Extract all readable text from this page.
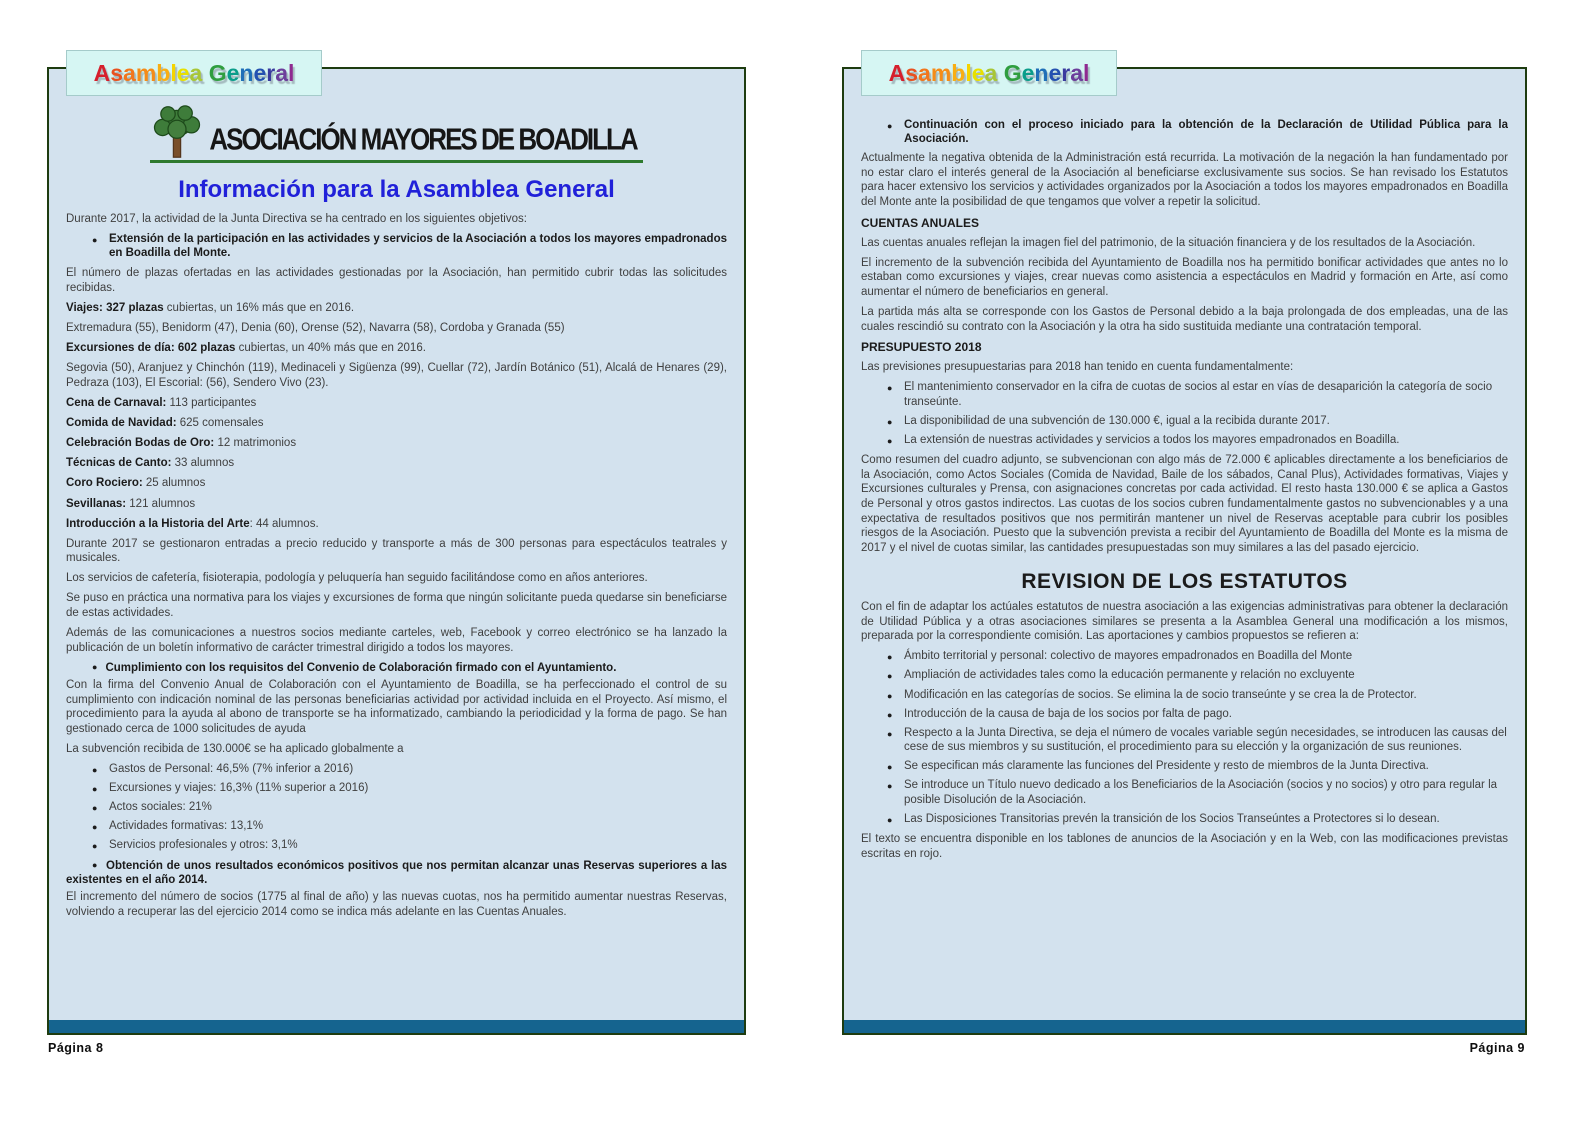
Asamblea General
ASOCIACIÓN MAYORES DE BOADILLA
Información para la Asamblea General
Durante 2017, la actividad de la Junta Directiva se ha centrado en los siguientes objetivos:
● Extensión de la participación en las actividades y servicios de la Asociación a todos los mayores empadronados en Boadilla del Monte.
El número de plazas ofertadas en las actividades gestionadas por la Asociación, han permitido cubrir todas las solicitudes recibidas.
Viajes: 327 plazas cubiertas, un 16% más que en 2016.
Extremadura (55), Benidorm (47), Denia (60), Orense (52), Navarra (58), Cordoba y Granada (55)
Excursiones de día: 602 plazas cubiertas, un 40% más que en 2016.
Segovia (50), Aranjuez y Chinchón (119), Medinaceli y Sigüenza (99), Cuellar (72), Jardín Botánico (51), Alcalá de Henares (29), Pedraza (103), El Escorial: (56), Sendero Vivo (23).
Cena de Carnaval: 113 participantes
Comida de Navidad: 625 comensales
Celebración Bodas de Oro: 12 matrimonios
Técnicas de Canto: 33 alumnos
Coro Rociero: 25 alumnos
Sevillanas: 121 alumnos
Introducción a la Historia del Arte: 44 alumnos.
Durante 2017 se gestionaron entradas a precio reducido y transporte a más de 300 personas para espectáculos teatrales y musicales.
Los servicios de cafetería, fisioterapia, podología y peluquería han seguido facilitándose como en años anteriores.
Se puso en práctica una normativa para los viajes y excursiones de forma que ningún solicitante pueda quedarse sin beneficiarse de estas actividades.
Además de las comunicaciones a nuestros socios mediante carteles, web, Facebook y correo electrónico se ha lanzado la publicación de un boletín informativo de carácter trimestral dirigido a todos los mayores.
● Cumplimiento con los requisitos del Convenio de Colaboración firmado con el Ayuntamiento.
Con la firma del Convenio Anual de Colaboración con el Ayuntamiento de Boadilla, se ha perfeccionado el control de su cumplimiento con indicación nominal de las personas beneficiarias actividad por actividad incluida en el Proyecto. Así mismo, el procedimiento para la ayuda al abono de transporte se ha informatizado, cambiando la periodicidad y la forma de pago. Se han gestionado cerca de 1000 solicitudes de ayuda
La subvención recibida de 130.000€ se ha aplicado globalmente a
● Gastos de Personal: 46,5% (7% inferior a 2016)
● Excursiones y viajes: 16,3% (11% superior a 2016)
● Actos sociales: 21%
● Actividades formativas: 13,1%
● Servicios profesionales y otros: 3,1%
● Obtención de unos resultados económicos positivos que nos permitan alcanzar unas Reservas superiores a las existentes en el año 2014.
El incremento del número de socios (1775 al final de año) y las nuevas cuotas, nos ha permitido aumentar nuestras Reservas, volviendo a recuperar las del ejercicio 2014 como se indica más adelante en las Cuentas Anuales.
Asamblea General
● Continuación con el proceso iniciado para la obtención de la Declaración de Utilidad Pública para la Asociación.
Actualmente la negativa obtenida de la Administración está recurrida. La motivación de la negación la han fundamentado por no estar claro el interés general de la Asociación al beneficiarse exclusivamente sus socios. Se han revisado los Estatutos para hacer extensivo los servicios y actividades organizados por la Asociación a todos los mayores empadronados en Boadilla del Monte ante la posibilidad de que tengamos que volver a repetir la solicitud.
CUENTAS ANUALES
Las cuentas anuales reflejan la imagen fiel del patrimonio, de la situación financiera y de los resultados de la Asociación.
El incremento de la subvención recibida del Ayuntamiento de Boadilla nos ha permitido bonificar actividades que antes no lo estaban como excursiones y viajes, crear nuevas como asistencia a espectáculos en Madrid y formación en Arte, así como aumentar el número de beneficiarios en general.
La partida más alta se corresponde con los Gastos de Personal debido a la baja prolongada de dos empleadas, una de las cuales rescindió su contrato con la Asociación y la otra ha sido sustituida mediante una contratación temporal.
PRESUPUESTO 2018
Las previsiones presupuestarias para 2018 han tenido en cuenta fundamentalmente:
● El mantenimiento conservador en la cifra de cuotas de socios al estar en vías de desaparición la categoría de socio transeúnte.
● La disponibilidad de una subvención de 130.000 €, igual a la recibida durante 2017.
● La extensión de nuestras actividades y servicios a todos los mayores empadronados en Boadilla.
Como resumen del cuadro adjunto, se subvencionan con algo más de 72.000 € aplicables directamente a los beneficiarios de la Asociación, como Actos Sociales (Comida de Navidad, Baile de los sábados, Canal Plus), Actividades formativas, Viajes y Excursiones culturales y Prensa, con asignaciones concretas por cada actividad. El resto hasta 130.000 € se aplica a Gastos de Personal y otros gastos indirectos. Las cuotas de los socios cubren fundamentalmente gastos no subvencionables y a una expectativa de resultados positivos que nos permitirán mantener un nivel de Reservas aceptable para cubrir los posibles riesgos de la Asociación. Puesto que la subvención prevista a recibir del Ayuntamiento de Boadilla del Monte es la misma de 2017 y el nivel de cuotas similar, las cantidades presupuestadas son muy similares a las del pasado ejercicio.
REVISION DE LOS ESTATUTOS
Con el fin de adaptar los actúales estatutos de nuestra asociación a las exigencias administrativas para obtener la declaración de Utilidad Pública y a otras asociaciones similares se presenta a la Asamblea General una modificación a los mismos, preparada por la correspondiente comisión. Las aportaciones y cambios propuestos se refieren a:
● Ámbito territorial y personal: colectivo de mayores empadronados en Boadilla del Monte
● Ampliación de actividades tales como la educación permanente y relación no excluyente
● Modificación en las categorías de socios. Se elimina la de socio transeúnte y se crea la de Protector.
● Introducción de la causa de baja de los socios por falta de pago.
● Respecto a la Junta Directiva, se deja el número de vocales variable según necesidades, se introducen las causas del cese de sus miembros y su sustitución, el procedimiento para su elección y la organización de sus reuniones.
● Se especifican más claramente las funciones del Presidente y resto de miembros de la Junta Directiva.
● Se introduce un Título nuevo dedicado a los Beneficiarios de la Asociación (socios y no socios) y otro para regular la posible Disolución de la Asociación.
● Las Disposiciones Transitorias prevén la transición de los Socios Transeúntes a Protectores si lo desean.
El texto se encuentra disponible en los tablones de anuncios de la Asociación y en la Web, con las modificaciones previstas escritas en rojo.
Página 8	Página 9
